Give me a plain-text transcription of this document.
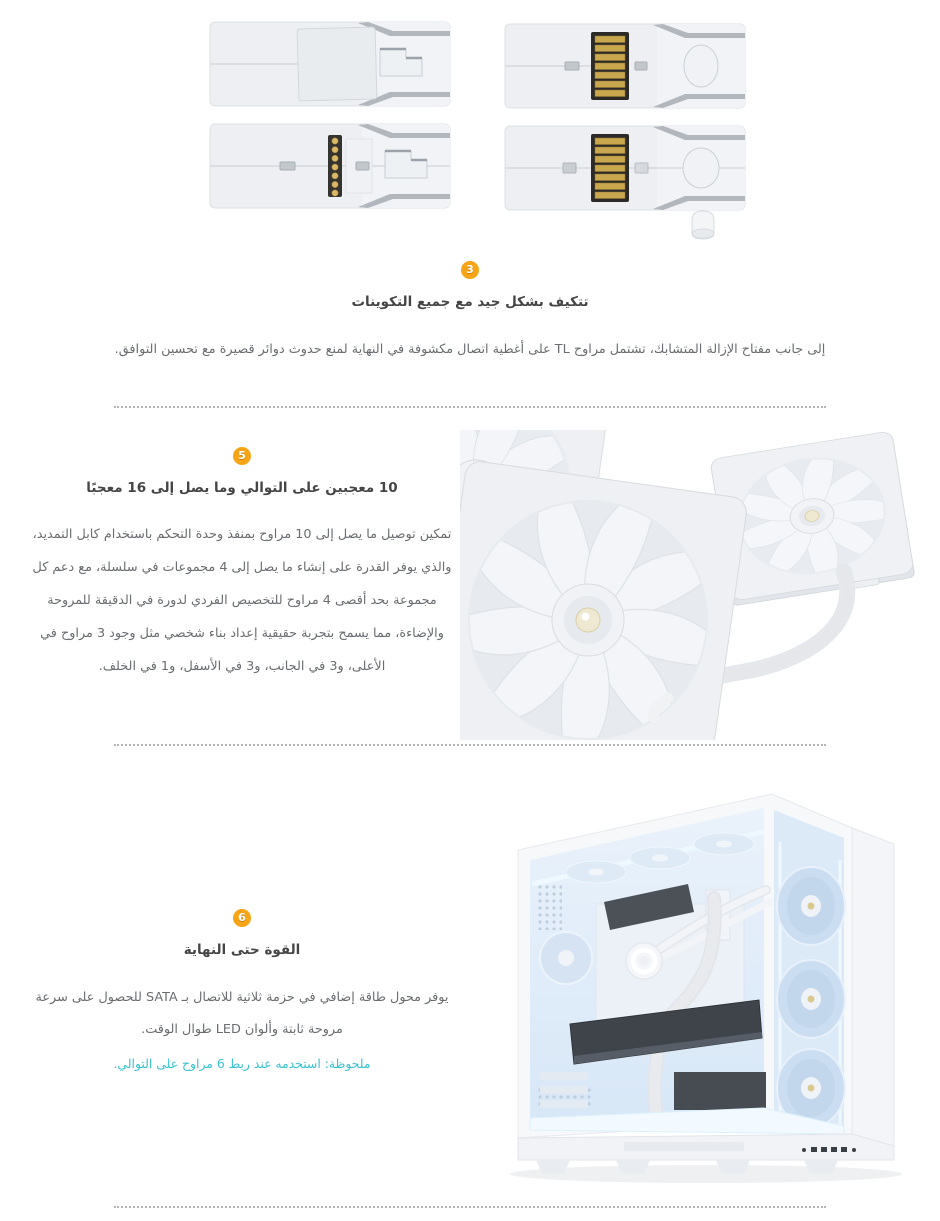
3
تتكيف بشكل جيد مع جميع التكوينات

إلى جانب مفتاح الإزالة المتشابك، تشتمل مراوح TL على أغطية اتصال مكشوفة في النهاية لمنع حدوث دوائر قصيرة مع تحسين التوافق.

5
10 معجبين على التوالي وما يصل إلى 16 معجبًا

تمكين توصيل ما يصل إلى 10 مراوح بمنفذ وحدة التحكم باستخدام كابل التمديد، والذي يوفر القدرة على إنشاء ما يصل إلى 4 مجموعات في سلسلة، مع دعم كل مجموعة بحد أقصى 4 مراوح للتخصيص الفردي لدورة في الدقيقة للمروحة والإضاءة، مما يسمح بتجربة حقيقية إعداد بناء شخصي مثل وجود 3 مراوح في الأعلى، و3 في الجانب، و3 في الأسفل، و1 في الخلف.

6
القوة حتى النهاية

يوفر محول طاقة إضافي في حزمة ثلاثية للاتصال بـ SATA للحصول على سرعة مروحة ثابتة وألوان LED طوال الوقت.

ملحوظة: استخدمه عند ربط 6 مراوح على التوالي.
